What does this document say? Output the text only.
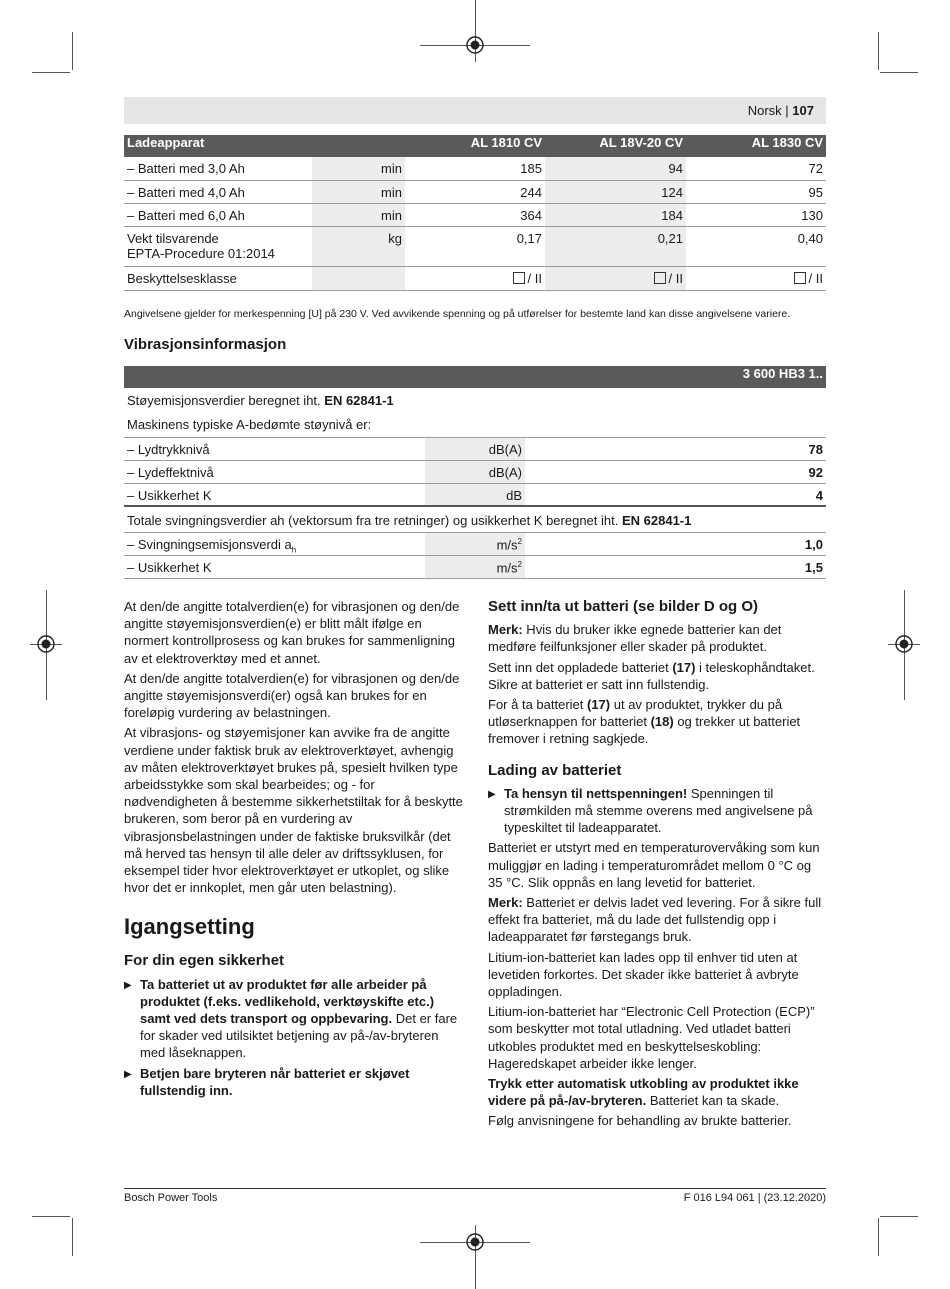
Norsk | 107
Ladeapparat		AL 1810 CV	AL 18V-20 CV	AL 1830 CV
– Batteri med 3,0 Ah	min	185	94	72
– Batteri med 4,0 Ah	min	244	124	95
– Batteri med 6,0 Ah	min	364	184	130

Vekt tilsvarende
EPTA-Procedure 01:2014	kg	0,17	0,21	0,40
Beskyttelsesklasse		/ II	/ II	/ II
Angivelsene gjelder for merkespenning [U] på 230 V. Ved avvikende spenning og på utførelser for bestemte land kan disse angivelsene variere.
Vibrasjonsinformasjon
		3 600 HB3 1..
Støyemisjonsverdier beregnet iht. EN 62841-1		
Maskinens typiske A-bedømte støynivå er:		
– Lydtrykknivå	dB(A)	78
– Lydeffektnivå	dB(A)	92
– Usikkerhet K	dB	4
Totale svingningsverdier ah (vektorsum fra tre retninger) og usikkerhet K beregnet iht. EN 62841-1		
– Svingningsemisjonsverdi $a_h$	$m/s^2$	1,0
– Usikkerhet K	$m/s^2$	1,5

At den/de angitte totalverdien(e) for vibrasjonen og den/de angitte støyemisjonsverdien(e) er blitt målt ifølge en normert kontrollprosess og kan brukes for sammenligning av et elektroverktøy med et annet.

At den/de angitte totalverdien(e) for vibrasjonen og den/de angitte støyemisjonsverdi(er) også kan brukes for en foreløpig vurdering av belastningen.

At vibrasjons- og støyemisjoner kan avvike fra de angitte verdiene under faktisk bruk av elektroverktøyet, avhengig av måten elektroverktøyet brukes på, spesielt hvilken type arbeidsstykke som skal bearbeides; og - for nødvendigheten å bestemme sikkerhetstiltak for å beskytte brukeren, som beror på en vurdering av vibrasjonsbelastningen under de faktiske bruksvilkår (det må herved tas hensyn til alle deler av driftssyklusen, for eksempel tider hvor elektroverktøyet er utkoplet, og slike hvor det er innkoplet, men går uten belastning).

Igangsetting
For din egen sikkerhet
▶ Ta batteriet ut av produktet før alle arbeider på produktet (f.eks. vedlikehold, verktøyskifte etc.) samt ved dets transport og oppbevaring. Det er fare for skader ved utilsiktet betjening av på-/av-bryteren med låseknappen.
▶ Betjen bare bryteren når batteriet er skjøvet fullstendig inn.
Sett inn/ta ut batteri (se bilder D og O)

Merk: Hvis du bruker ikke egnede batterier kan det medføre feilfunksjoner eller skader på produktet.

Sett inn det oppladede batteriet (17) i teleskophåndtaket. Sikre at batteriet er satt inn fullstendig.

For å ta batteriet (17) ut av produktet, trykker du på utløserknappen for batteriet (18) og trekker ut batteriet fremover i retning sagkjede.

Lading av batteriet
▶ Ta hensyn til nettspenningen! Spenningen til strømkilden må stemme overens med angivelsene på typeskiltet til ladeapparatet.

Batteriet er utstyrt med en temperaturovervåking som kun muliggjør en lading i temperaturområdet mellom 0 °C og 35 °C. Slik oppnås en lang levetid for batteriet.

Merk: Batteriet er delvis ladet ved levering. For å sikre full effekt fra batteriet, må du lade det fullstendig opp i ladeapparatet før førstegangs bruk.

Litium-ion-batteriet kan lades opp til enhver tid uten at levetiden forkortes. Det skader ikke batteriet å avbryte oppladingen.

Litium-ion-batteriet har “Electronic Cell Protection (ECP)” som beskytter mot total utladning. Ved utladet batteri utkobles produktet med en beskyttelseskobling: Hageredskapet arbeider ikke lenger.

Trykk etter automatisk utkobling av produktet ikke videre på på-/av-bryteren. Batteriet kan ta skade.

Følg anvisningene for behandling av brukte batterier.

Bosch Power Tools	F 016 L94 061 | (23.12.2020)
